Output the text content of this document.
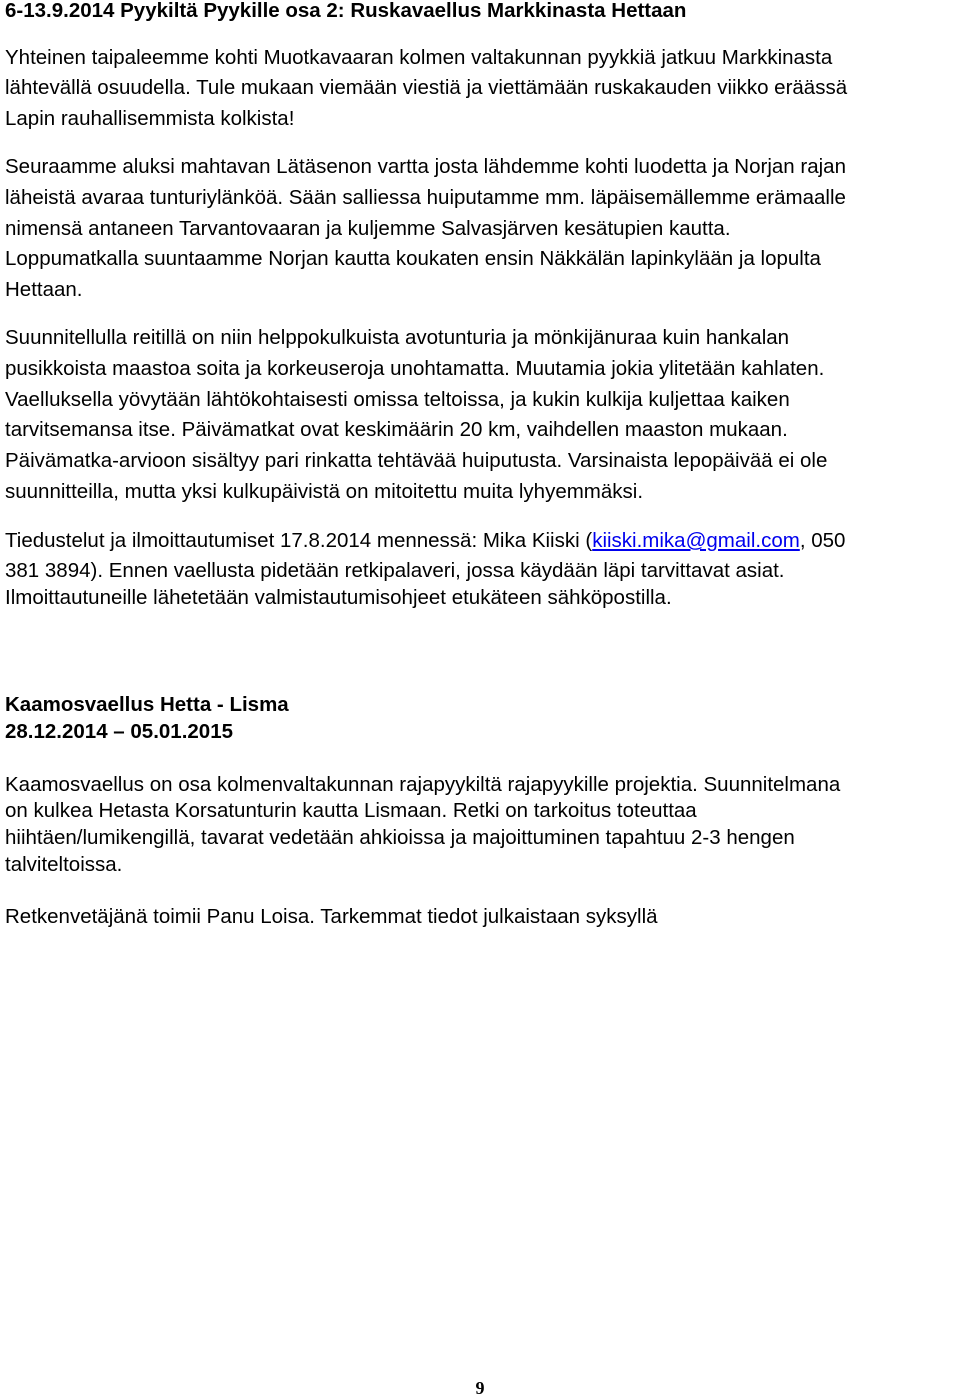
6-13.9.2014 Pyykiltä Pyykille osa 2: Ruskavaellus Markkinasta Hettaan
Yhteinen taipaleemme kohti Muotkavaaran kolmen valtakunnan pyykkiä jatkuu Markkinasta
lähtevällä osuudella. Tule mukaan viemään viestiä ja viettämään ruskakauden viikko eräässä
Lapin rauhallisemmista kolkista!
Seuraamme aluksi mahtavan Lätäsenon vartta josta lähdemme kohti luodetta ja Norjan rajan
läheistä avaraa tunturiylänköä. Sään salliessa huiputamme mm. läpäisemällemme erämaalle
nimensä antaneen Tarvantovaaran ja kuljemme Salvasjärven kesätupien kautta.
Loppumatkalla suuntaamme Norjan kautta koukaten ensin Näkkälän lapinkylään ja lopulta
Hettaan.
Suunnitellulla reitillä on niin helppokulkuista avotunturia ja mönkijänuraa kuin hankalan
pusikkoista maastoa soita ja korkeuseroja unohtamatta. Muutamia jokia ylitetään kahlaten.
Vaelluksella yövytään lähtökohtaisesti omissa teltoissa, ja kukin kulkija kuljettaa kaiken
tarvitsemansa itse. Päivämatkat ovat keskimäärin 20 km, vaihdellen maaston mukaan.
Päivämatka-arvioon sisältyy pari rinkatta tehtävää huiputusta. Varsinaista lepopäivää ei ole
suunnitteilla, mutta yksi kulkupäivistä on mitoitettu muita lyhyemmäksi.
Tiedustelut ja ilmoittautumiset 17.8.2014 mennessä: Mika Kiiski (kiiski.mika@gmail.com, 050
381 3894). Ennen vaellusta pidetään retkipalaveri, jossa käydään läpi tarvittavat asiat.
Ilmoittautuneille lähetetään valmistautumisohjeet etukäteen sähköpostilla.
Kaamosvaellus Hetta - Lisma
28.12.2014 – 05.01.2015
Kaamosvaellus on osa kolmenvaltakunnan rajapyykiltä rajapyykille projektia. Suunnitelmana
on kulkea Hetasta Korsatunturin kautta Lismaan. Retki on tarkoitus toteuttaa
hiihtäen/lumikengillä, tavarat vedetään ahkioissa ja majoittuminen tapahtuu 2-3 hengen
talviteltoissa.
Retkenvetäjänä toimii Panu Loisa. Tarkemmat tiedot julkaistaan syksyllä
9
